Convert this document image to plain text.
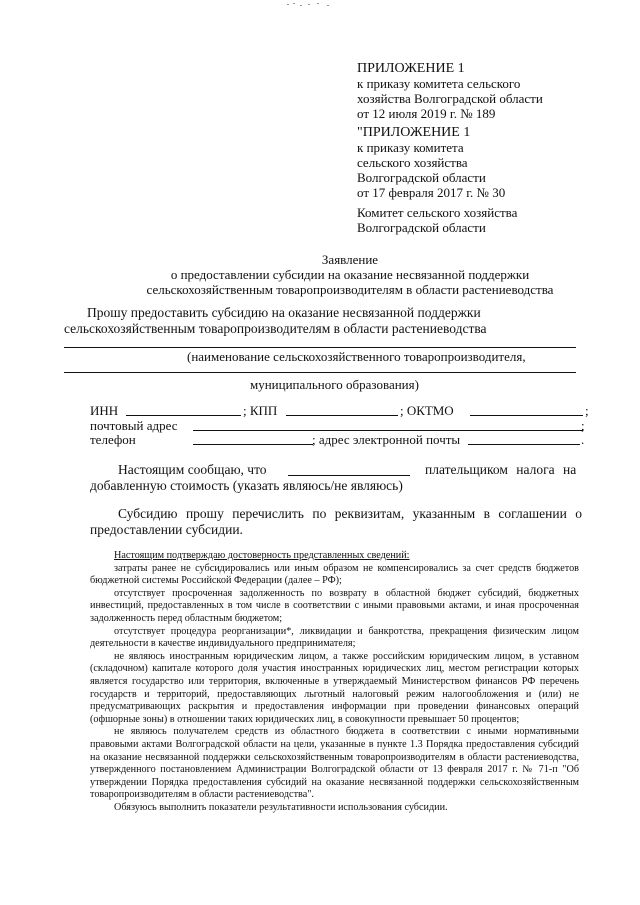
ПРИЛОЖЕНИЕ 1
к приказу комитета сельского
хозяйства Волгоградской области
от 12 июля 2019 г. № 189
"ПРИЛОЖЕНИЕ 1
к приказу комитета
сельского хозяйства
Волгоградской области
от 17 февраля 2017 г. № 30
Комитет сельского хозяйства
Волгоградской области
Заявление
о предоставлении субсидии на оказание несвязанной поддержки
сельскохозяйственным товаропроизводителям в области растениеводства
Прошу предоставить субсидию на оказание несвязанной поддержки
сельскохозяйственным товаропроизводителям в области растениеводства
(наименование сельскохозяйственного товаропроизводителя,
муниципального образования)
ИНН	; КПП	; ОКТМО	;
почтовый адрес	;
телефон	; адрес электронной почты	.
Настоящим сообщаю, что	плательщиком налога на
добавленную стоимость (указать являюсь/не являюсь)
Субсидию прошу перечислить по реквизитам, указанным в соглашении о
предоставлении субсидии.

Настоящим подтверждаю достоверность представленных сведений:

затраты ранее не субсидировались или иным образом не компенсировались за счет средств бюджетов бюджетной системы Российской Федерации (далее – РФ);

отсутствует просроченная задолженность по возврату в областной бюджет субсидий, бюджетных инвестиций, предоставленных в том числе в соответствии с иными правовыми актами, и иная просроченная задолженность перед областным бюджетом;

отсутствует процедура реорганизации*, ликвидации и банкротства, прекращения физическим лицом деятельности в качестве индивидуального предпринимателя;

не являюсь иностранным юридическим лицом, а также российским юридическим лицом, в уставном (складочном) капитале которого доля участия иностранных юридических лиц, местом регистрации которых является государство или территория, включенные в утверждаемый Министерством финансов РФ перечень государств и территорий, предоставляющих льготный налоговый режим налогообложения и (или) не предусматривающих раскрытия и предоставления информации при проведении финансовых операций (офшорные зоны) в отношении таких юридических лиц, в совокупности превышает 50 процентов;

не являюсь получателем средств из областного бюджета в соответствии с иными нормативными правовыми актами Волгоградской области на цели, указанные в пункте 1.3 Порядка предоставления субсидий на оказание несвязанной поддержки сельскохозяйственным товаропроизводителям в области растениеводства, утвержденного постановлением Администрации Волгоградской области от 13 февраля 2017 г. № 71-п "Об утверждении Порядка предоставления субсидий на оказание несвязанной поддержки сельскохозяйственным товаропроизводителям в области растениеводства".

Обязуюсь выполнить показатели результативности использования субсидии.
